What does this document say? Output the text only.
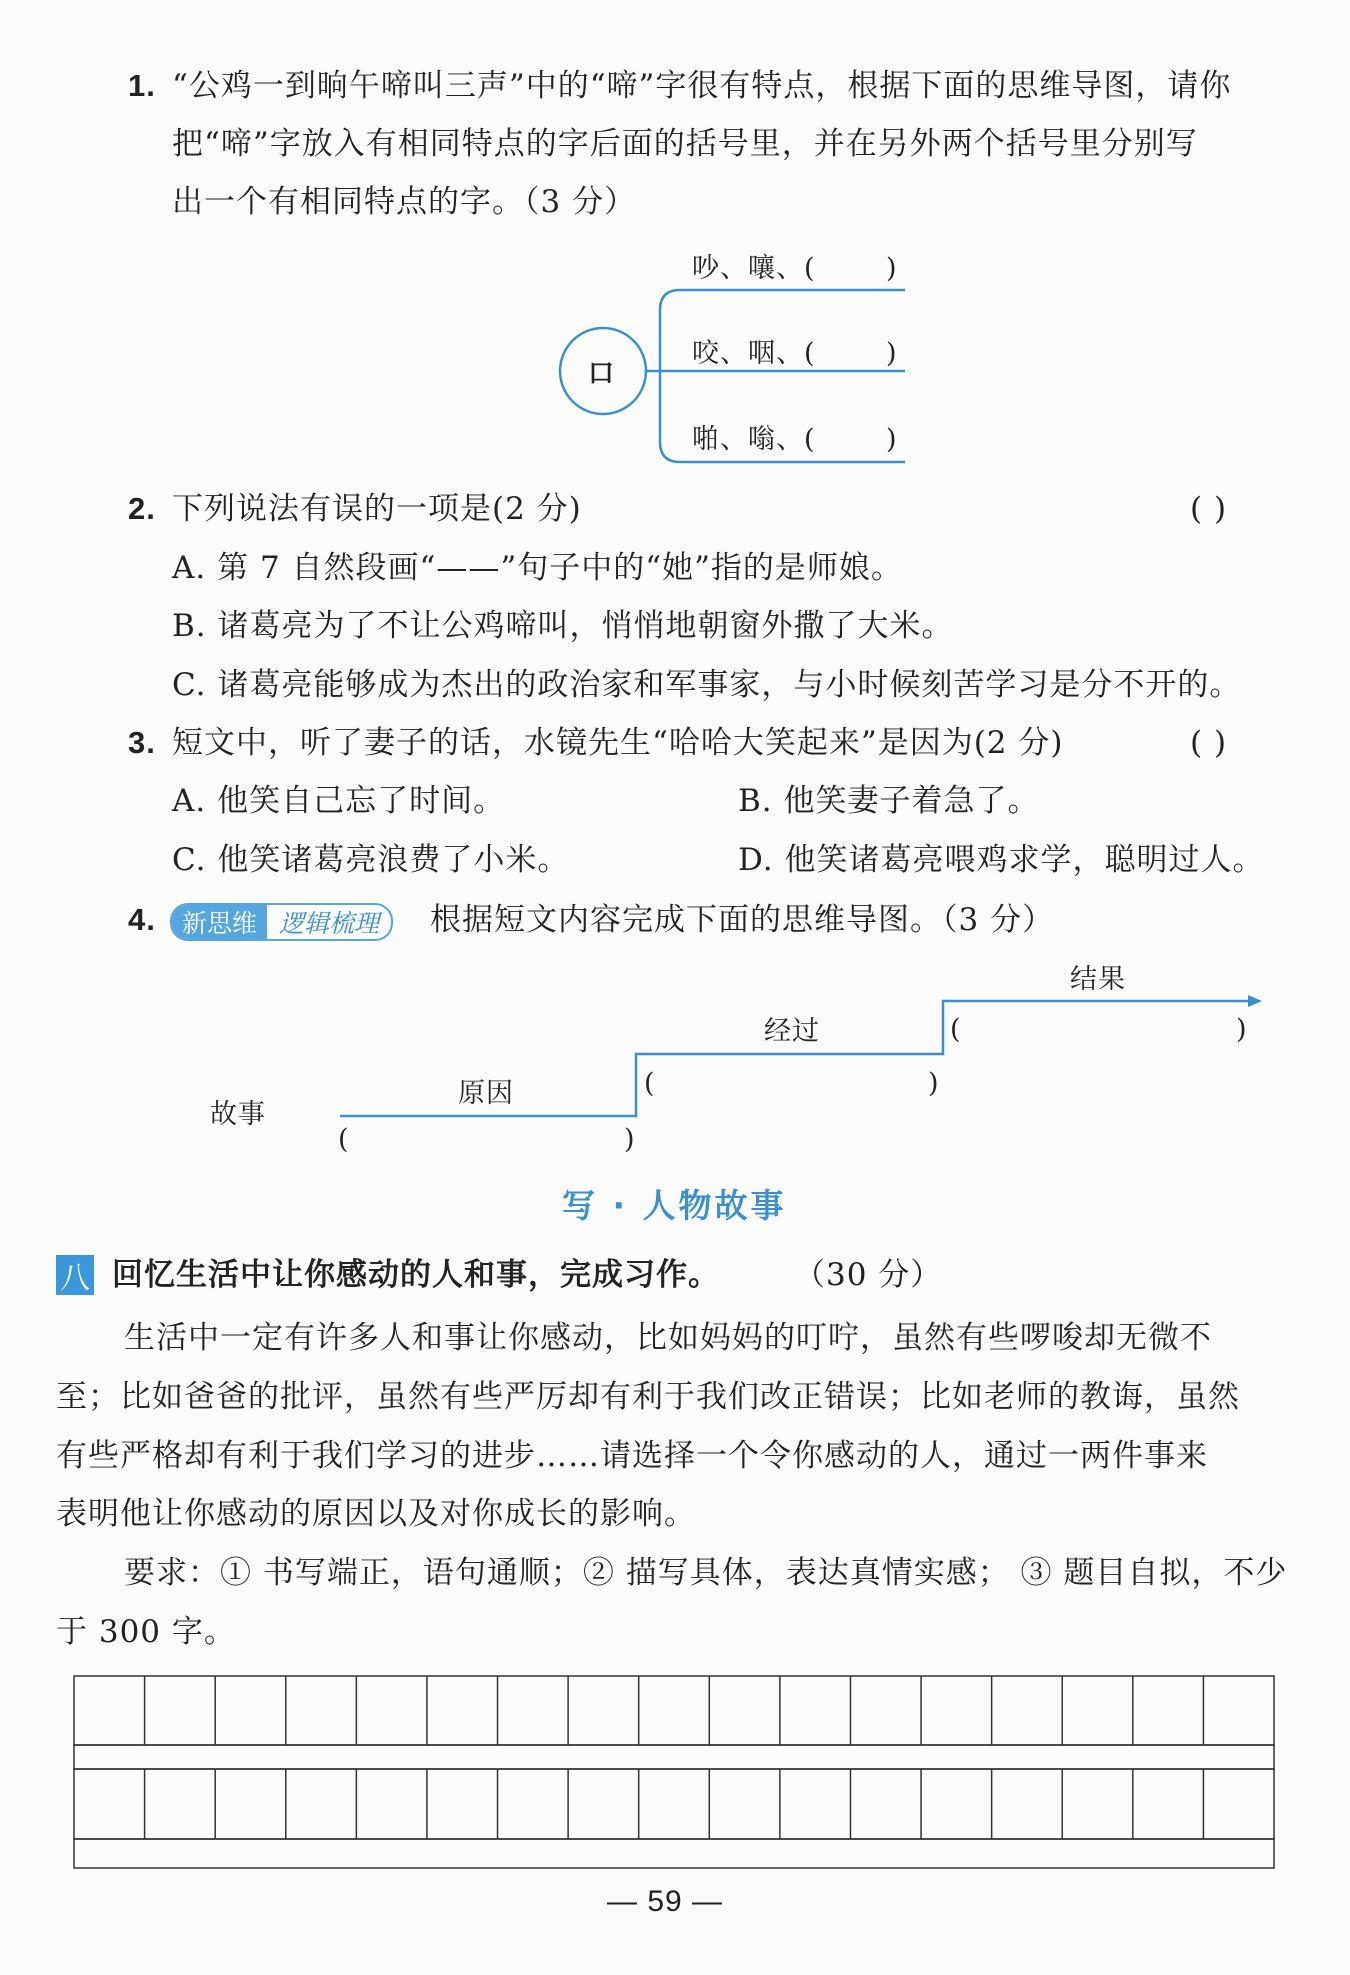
1. “公鸡一到晌午啼叫三声”中的“啼”字很有特点，根据下面的思维导图，请你
把“啼”字放入有相同特点的字后面的括号里，并在另外两个括号里分别写
出一个有相同特点的字。（3 分）
口
吵、嚷、(	)
咬、咽、(	)
啪、嗡、(	)
2. 下列说法有误的一项是(2 分)	( )
A. 第 7 自然段画“——”句子中的“她”指的是师娘。
B. 诸葛亮为了不让公鸡啼叫，悄悄地朝窗外撒了大米。
C. 诸葛亮能够成为杰出的政治家和军事家，与小时候刻苦学习是分不开的。
3. 短文中，听了妻子的话，水镜先生“哈哈大笑起来”是因为(2 分)	( )
A. 他笑自己忘了时间。	B. 他笑妻子着急了。
C. 他笑诸葛亮浪费了小米。	D. 他笑诸葛亮喂鸡求学，聪明过人。
4.	新思维 逻辑梳理	根据短文内容完成下面的思维导图。（3 分）
故事
原因
(	)
经过
(	)
结果
(	)
写 · 人物故事
八 回忆生活中让你感动的人和事，完成习作。 （30 分）
生活中一定有许多人和事让你感动，比如妈妈的叮咛，虽然有些啰唆却无微不
至；比如爸爸的批评，虽然有些严厉却有利于我们改正错误；比如老师的教诲，虽然
有些严格却有利于我们学习的进步……请选择一个令你感动的人，通过一两件事来
表明他让你感动的原因以及对你成长的影响。
要求：① 书写端正，语句通顺；② 描写具体，表达真情实感； ③ 题目自拟，不少
于 300 字。
— 59 —
